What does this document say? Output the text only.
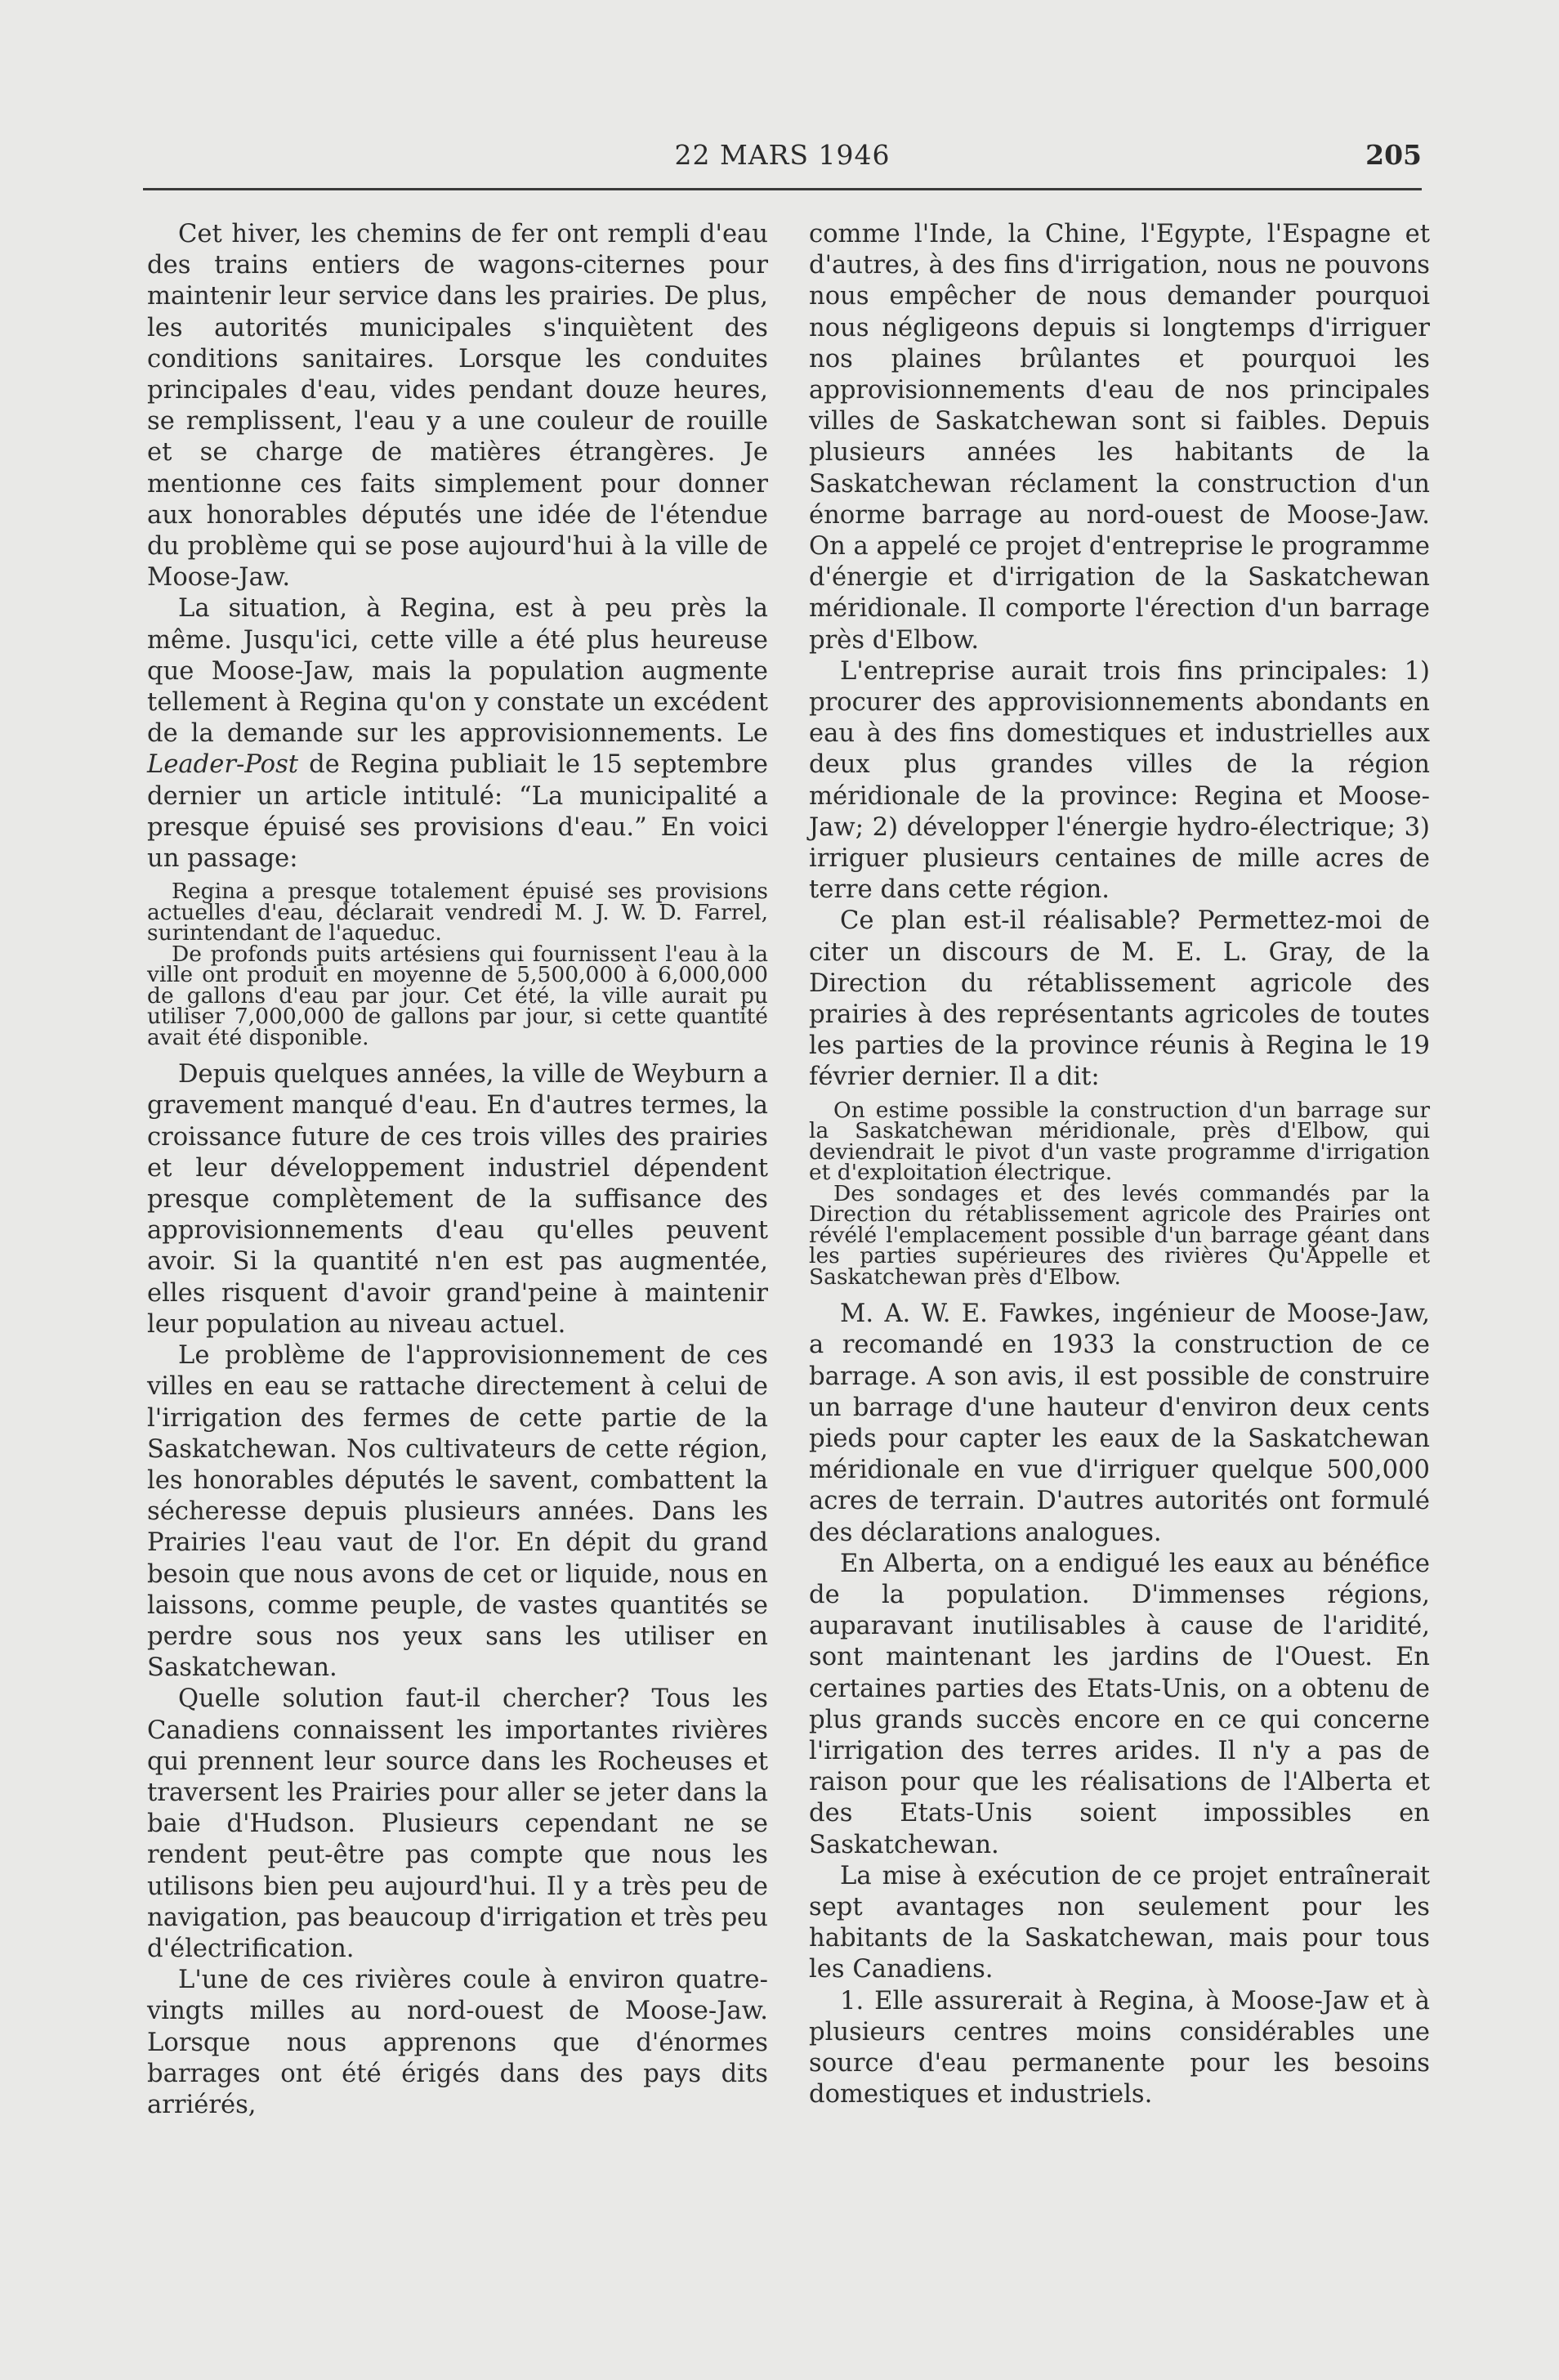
22 MARS 1946	205

Cet hiver, les chemins de fer ont rempli d'eau des trains entiers de wagons-citernes pour maintenir leur service dans les prairies. De plus, les autorités municipales s'inquiètent des conditions sanitaires. Lorsque les conduites principales d'eau, vides pendant douze heures, se remplissent, l'eau y a une couleur de rouille et se charge de matières étrangères. Je mentionne ces faits simplement pour donner aux honorables députés une idée de l'étendue du problème qui se pose aujourd'hui à la ville de Moose-Jaw.

La situation, à Regina, est à peu près la même. Jusqu'ici, cette ville a été plus heureuse que Moose-Jaw, mais la population augmente tellement à Regina qu'on y constate un excédent de la demande sur les approvisionnements. Le Leader-Post de Regina publiait le 15 septembre dernier un article intitulé: “La municipalité a presque épuisé ses provisions d'eau.” En voici un passage:

Regina a presque totalement épuisé ses provisions actuelles d'eau, déclarait vendredi M. J. W. D. Farrel, surintendant de l'aqueduc.

De profonds puits artésiens qui fournissent l'eau à la ville ont produit en moyenne de 5,500,000 à 6,000,000 de gallons d'eau par jour. Cet été, la ville aurait pu utiliser 7,000,000 de gallons par jour, si cette quantité avait été disponible.

Depuis quelques années, la ville de Weyburn a gravement manqué d'eau. En d'autres termes, la croissance future de ces trois villes des prairies et leur développement industriel dépendent presque complètement de la suffisance des approvisionnements d'eau qu'elles peuvent avoir. Si la quantité n'en est pas augmentée, elles risquent d'avoir grand'peine à maintenir leur population au niveau actuel.

Le problème de l'approvisionnement de ces villes en eau se rattache directement à celui de l'irrigation des fermes de cette partie de la Saskatchewan. Nos cultivateurs de cette région, les honorables députés le savent, combattent la sécheresse depuis plusieurs années. Dans les Prairies l'eau vaut de l'or. En dépit du grand besoin que nous avons de cet or liquide, nous en laissons, comme peuple, de vastes quantités se perdre sous nos yeux sans les utiliser en Saskatchewan.

Quelle solution faut-il chercher? Tous les Canadiens connaissent les importantes rivières qui prennent leur source dans les Rocheuses et traversent les Prairies pour aller se jeter dans la baie d'Hudson. Plusieurs cependant ne se rendent peut-être pas compte que nous les utilisons bien peu aujourd'hui. Il y a très peu de navigation, pas beaucoup d'irrigation et très peu d'électrification.

L'une de ces rivières coule à environ quatre-vingts milles au nord-ouest de Moose-Jaw. Lorsque nous apprenons que d'énormes barrages ont été érigés dans des pays dits arriérés,

comme l'Inde, la Chine, l'Egypte, l'Espagne et d'autres, à des fins d'irrigation, nous ne pouvons nous empêcher de nous demander pourquoi nous négligeons depuis si longtemps d'irriguer nos plaines brûlantes et pourquoi les approvisionnements d'eau de nos principales villes de Saskatchewan sont si faibles. Depuis plusieurs années les habitants de la Saskatchewan réclament la construction d'un énorme barrage au nord-ouest de Moose-Jaw. On a appelé ce projet d'entreprise le programme d'énergie et d'irrigation de la Saskatchewan méridionale. Il comporte l'érection d'un barrage près d'Elbow.

L'entreprise aurait trois fins principales: 1) procurer des approvisionnements abondants en eau à des fins domestiques et industrielles aux deux plus grandes villes de la région méridionale de la province: Regina et Moose-Jaw; 2) développer l'énergie hydro-électrique; 3) irriguer plusieurs centaines de mille acres de terre dans cette région.

Ce plan est-il réalisable? Permettez-moi de citer un discours de M. E. L. Gray, de la Direction du rétablissement agricole des prairies à des représentants agricoles de toutes les parties de la province réunis à Regina le 19 février dernier. Il a dit:

On estime possible la construction d'un barrage sur la Saskatchewan méridionale, près d'Elbow, qui deviendrait le pivot d'un vaste programme d'irrigation et d'exploitation électrique.

Des sondages et des levés commandés par la Direction du rétablissement agricole des Prairies ont révélé l'emplacement possible d'un barrage géant dans les parties supérieures des rivières Qu'Appelle et Saskatchewan près d'Elbow.

M. A. W. E. Fawkes, ingénieur de Moose-Jaw, a recomandé en 1933 la construction de ce barrage. A son avis, il est possible de construire un barrage d'une hauteur d'environ deux cents pieds pour capter les eaux de la Saskatchewan méridionale en vue d'irriguer quelque 500,000 acres de terrain. D'autres autorités ont formulé des déclarations analogues.

En Alberta, on a endigué les eaux au bénéfice de la population. D'immenses régions, auparavant inutilisables à cause de l'aridité, sont maintenant les jardins de l'Ouest. En certaines parties des Etats-Unis, on a obtenu de plus grands succès encore en ce qui concerne l'irrigation des terres arides. Il n'y a pas de raison pour que les réalisations de l'Alberta et des Etats-Unis soient impossibles en Saskatchewan.

La mise à exécution de ce projet entraînerait sept avantages non seulement pour les habitants de la Saskatchewan, mais pour tous les Canadiens.

1. Elle assurerait à Regina, à Moose-Jaw et à plusieurs centres moins considérables une source d'eau permanente pour les besoins domestiques et industriels.
